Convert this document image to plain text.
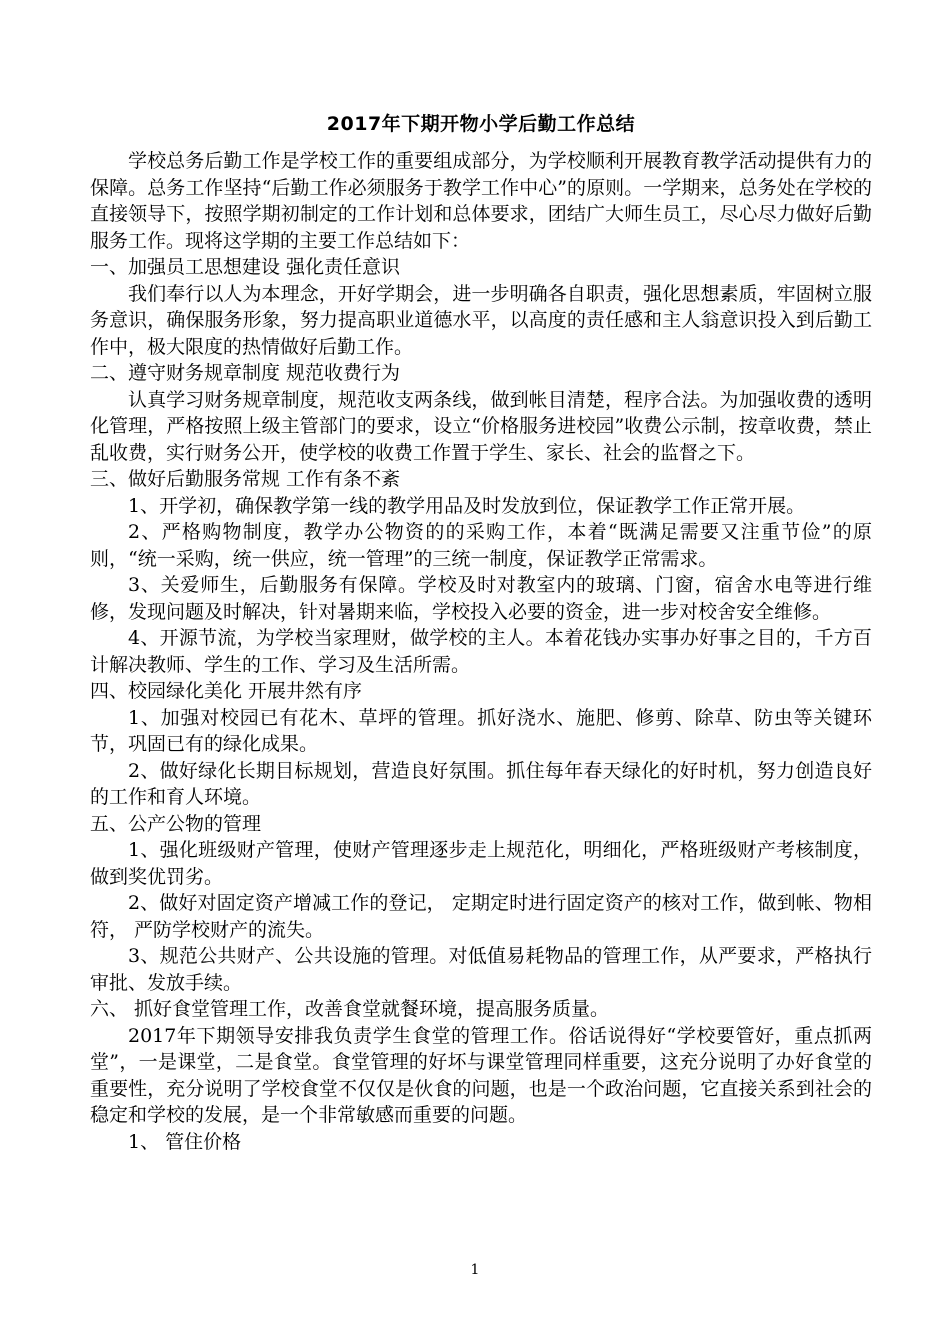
2017年下期开物小学后勤工作总结
学校总务后勤工作是学校工作的重要组成部分，为学校顺利开展教育教学活动提供有力的保障。总务工作坚持“后勤工作必须服务于教学工作中心”的原则。一学期来，总务处在学校的直接领导下，按照学期初制定的工作计划和总体要求，团结广大师生员工，尽心尽力做好后勤服务工作。现将这学期的主要工作总结如下：
一、加强员工思想建设 强化责任意识
我们奉行以人为本理念，开好学期会，进一步明确各自职责，强化思想素质，牢固树立服务意识，确保服务形象，努力提高职业道德水平，以高度的责任感和主人翁意识投入到后勤工作中，极大限度的热情做好后勤工作。
二、遵守财务规章制度 规范收费行为
认真学习财务规章制度，规范收支两条线，做到帐目清楚，程序合法。为加强收费的透明化管理，严格按照上级主管部门的要求，设立“价格服务进校园”收费公示制，按章收费，禁止乱收费，实行财务公开，使学校的收费工作置于学生、家长、社会的监督之下。
三、做好后勤服务常规 工作有条不紊
1、开学初，确保教学第一线的教学用品及时发放到位，保证教学工作正常开展。
2、严格购物制度，教学办公物资的的采购工作，本着“既满足需要又注重节俭”的原则，“统一采购，统一供应，统一管理”的三统一制度，保证教学正常需求。
3、关爱师生，后勤服务有保障。学校及时对教室内的玻璃、门窗，宿舍水电等进行维修，发现问题及时解决，针对暑期来临，学校投入必要的资金，进一步对校舍安全维修。
4、开源节流，为学校当家理财，做学校的主人。本着花钱办实事办好事之目的，千方百计解决教师、学生的工作、学习及生活所需。
四、校园绿化美化 开展井然有序
1、加强对校园已有花木、草坪的管理。抓好浇水、施肥、修剪、除草、防虫等关键环节，巩固已有的绿化成果。
2、做好绿化长期目标规划，营造良好氛围。抓住每年春天绿化的好时机，努力创造良好的工作和育人环境。
五、公产公物的管理
1、强化班级财产管理，使财产管理逐步走上规范化，明细化，严格班级财产考核制度，做到奖优罚劣。
2、做好对固定资产增减工作的登记， 定期定时进行固定资产的核对工作，做到帐、物相符， 严防学校财产的流失。
3、规范公共财产、公共设施的管理。对低值易耗物品的管理工作，从严要求，严格执行审批、发放手续。
六、 抓好食堂管理工作，改善食堂就餐环境，提高服务质量。
2017年下期领导安排我负责学生食堂的管理工作。俗话说得好“学校要管好，重点抓两堂”，一是课堂，二是食堂。食堂管理的好坏与课堂管理同样重要，这充分说明了办好食堂的重要性，充分说明了学校食堂不仅仅是伙食的问题，也是一个政治问题，它直接关系到社会的稳定和学校的发展，是一个非常敏感而重要的问题。
1、 管住价格
1
